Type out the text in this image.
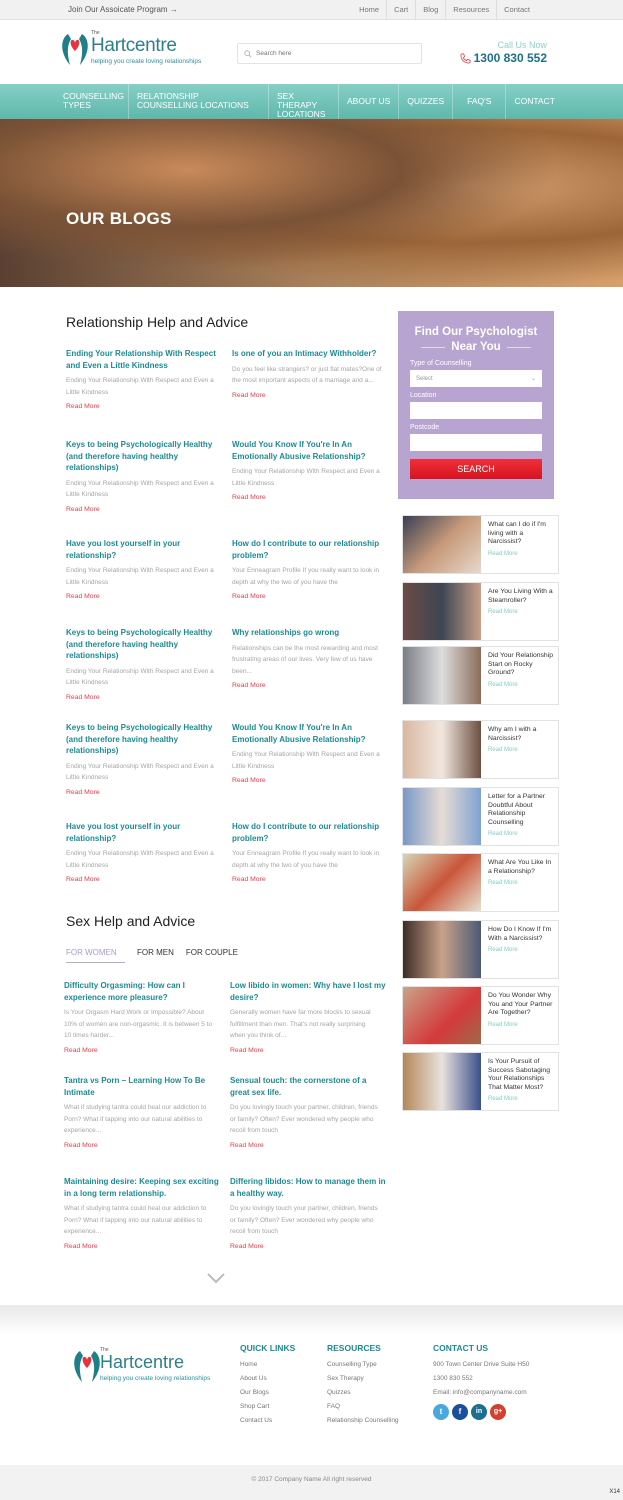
Join Our Assoicate Program →	Home	Cart	Blog	Resources	Contact
The
Hartcentre
helping you create loving relationships
Search here
Call Us Now
1300 830 552
COUNSELLING TYPES
RELATIONSHIP COUNSELLING LOCATIONS
SEX THERAPY LOCATIONS
ABOUT US	QUIZZES	FAQ'S	CONTACT
OUR BLOGS
Relationship Help and Advice
Ending Your Relationship With Respect and Even a Little Kindness
Ending Your Relationship With Respect and Even a Little Kindness
Read More
Is one of you an Intimacy Withholder?
Do you feel like strangers? or just flat mates?One of the most important aspects of a marriage and a...
Read More
Keys to being Psychologically Healthy (and therefore having healthy relationships)
Ending Your Relationship With Respect and Even a Little Kindness
Read More
Would You Know If You're In An Emotionally Abusive Relationship?
Ending Your Relationship With Respect and Even a Little Kindness
Read More
Have you lost yourself in your relationship?
Ending Your Relationship With Respect and Even a Little Kindness
Read More
How do I contribute to our relationship problem?
Your Enneagram Profile If you really want to look in depth at why the two of you have the
Read More
Keys to being Psychologically Healthy (and therefore having healthy relationships)
Ending Your Relationship With Respect and Even a Little Kindness
Read More
Why relationships go wrong
Relationships can be the most rewarding and most frustrating areas of our lives. Very few of us have been...
Read More
Keys to being Psychologically Healthy (and therefore having healthy relationships)
Ending Your Relationship With Respect and Even a Little Kindness
Read More
Would You Know If You're In An Emotionally Abusive Relationship?
Ending Your Relationship With Respect and Even a Little Kindness
Read More
Have you lost yourself in your relationship?
Ending Your Relationship With Respect and Even a Little Kindness
Read More
How do I contribute to our relationship problem?
Your Enneagram Profile If you really want to look in depth at why the two of you have the
Read More
Sex Help and Advice
FOR WOMEN	FOR MEN FOR COUPLE
Difficulty Orgasming: How can I experience more pleasure?
Is Your Orgasm Hard Work or Impossible? About 10% of women are non-orgasmic. It is between 5 to 10 times harder...
Read More
Low libido in women: Why have I lost my desire?
Generally women have far more blocks to sexual fulfillment than men. That's not really surprising when you think of...
Read More
Tantra vs Porn – Learning How To Be Intimate
What if studying tantra could heal our addiction to Porn? What if tapping into our natural abilities to experience...
Read More
Sensual touch: the cornerstone of a great sex life.
Do you lovingly touch your partner, children, friends or family? Often? Ever wondered why people who recoil from touch
Read More
Maintaining desire: Keeping sex exciting in a long term relationship.
What if studying tantra could heal our addiction to Porn? What if tapping into our natural abilities to experience...
Read More
Differing libidos: How to manage them in a healthy way.
Do you lovingly touch your partner, children, friends or family? Often? Ever wondered why people who recoil from touch
Read More
Find Our Psychologist
Near You
Type of Counselling
Select	⌄
Location
Postcode
SEARCH
What can I do if I'm living with a Narcissist?
Read More
Are You Living With a Steamroller?
Read More
Did Your Relationship Start on Rocky Ground?
Read More
Why am I with a Narcissist?
Read More
Letter for a Partner Doubtful About Relationship Counselling
Read More
What Are You Like In a Relationship?
Read More
How Do I Know If I'm With a Narcissist?
Read More
Do You Wonder Why You and Your Partner Are Together?
Read More
Is Your Pursuit of Success Sabotaging Your Relationships That Matter Most?
Read More
The
Hartcentre
helping you create loving relationships
QUICK LINKS
Home
About Us
Our Blogs
Shop Cart
Contact Us
RESOURCES
Counselling Type
Sex Therapy
Quizzes
FAQ
Relationship Counselling
CONTACT US

900 Town Center Drive Suite H50

1300 830 552

Email: info@companyname.com

t	f	in	g+

© 2017 Company Name All right reserved

X14
